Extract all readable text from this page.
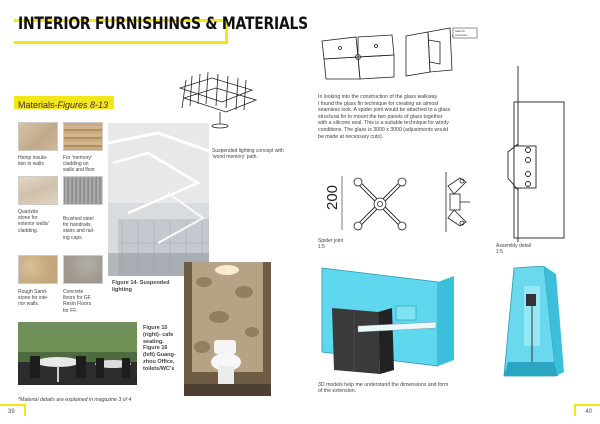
INTERIOR FURNISHINGS & MATERIALS
Materials-Figures 8-13
Hemp insula-
tion in walls
For 'memory'
cladding on
walls and floor
Quartzite
stone for
exterior walls/
cladding.
Brushed steel
for handrails,
stairs and rail-
ing caps.
Rough Sand-
stone for inte-
rior walls.
Concrete
floors for GF.
Resin Floors
for FF.
Figure 14- Suspended
lighting
Figure 15
(right)- cafe
seating.
Figure 16
(left) Guang-
zhou Office,
toilets/WC's
Suspended lighting concept with
'wood memory' path.
Glass fin
connection
In looking into the construction of the glass walkway
I found the glass fin technique for creating an almost
seamless look. A spider joint would be attached to a glass
structural fin to mount the two panels of glass together
with a silicone seal. This is a suitable technique for windy
conditions. The glass is 3000 x 3000 (adjustments would
be made at necessary cuts).
200
Spider joint
1:5	Assembly detail
1:5
3D models help me understand the dimensions and form
of the extension.
*Material details are explained in magazine 3 of 4
39	40
